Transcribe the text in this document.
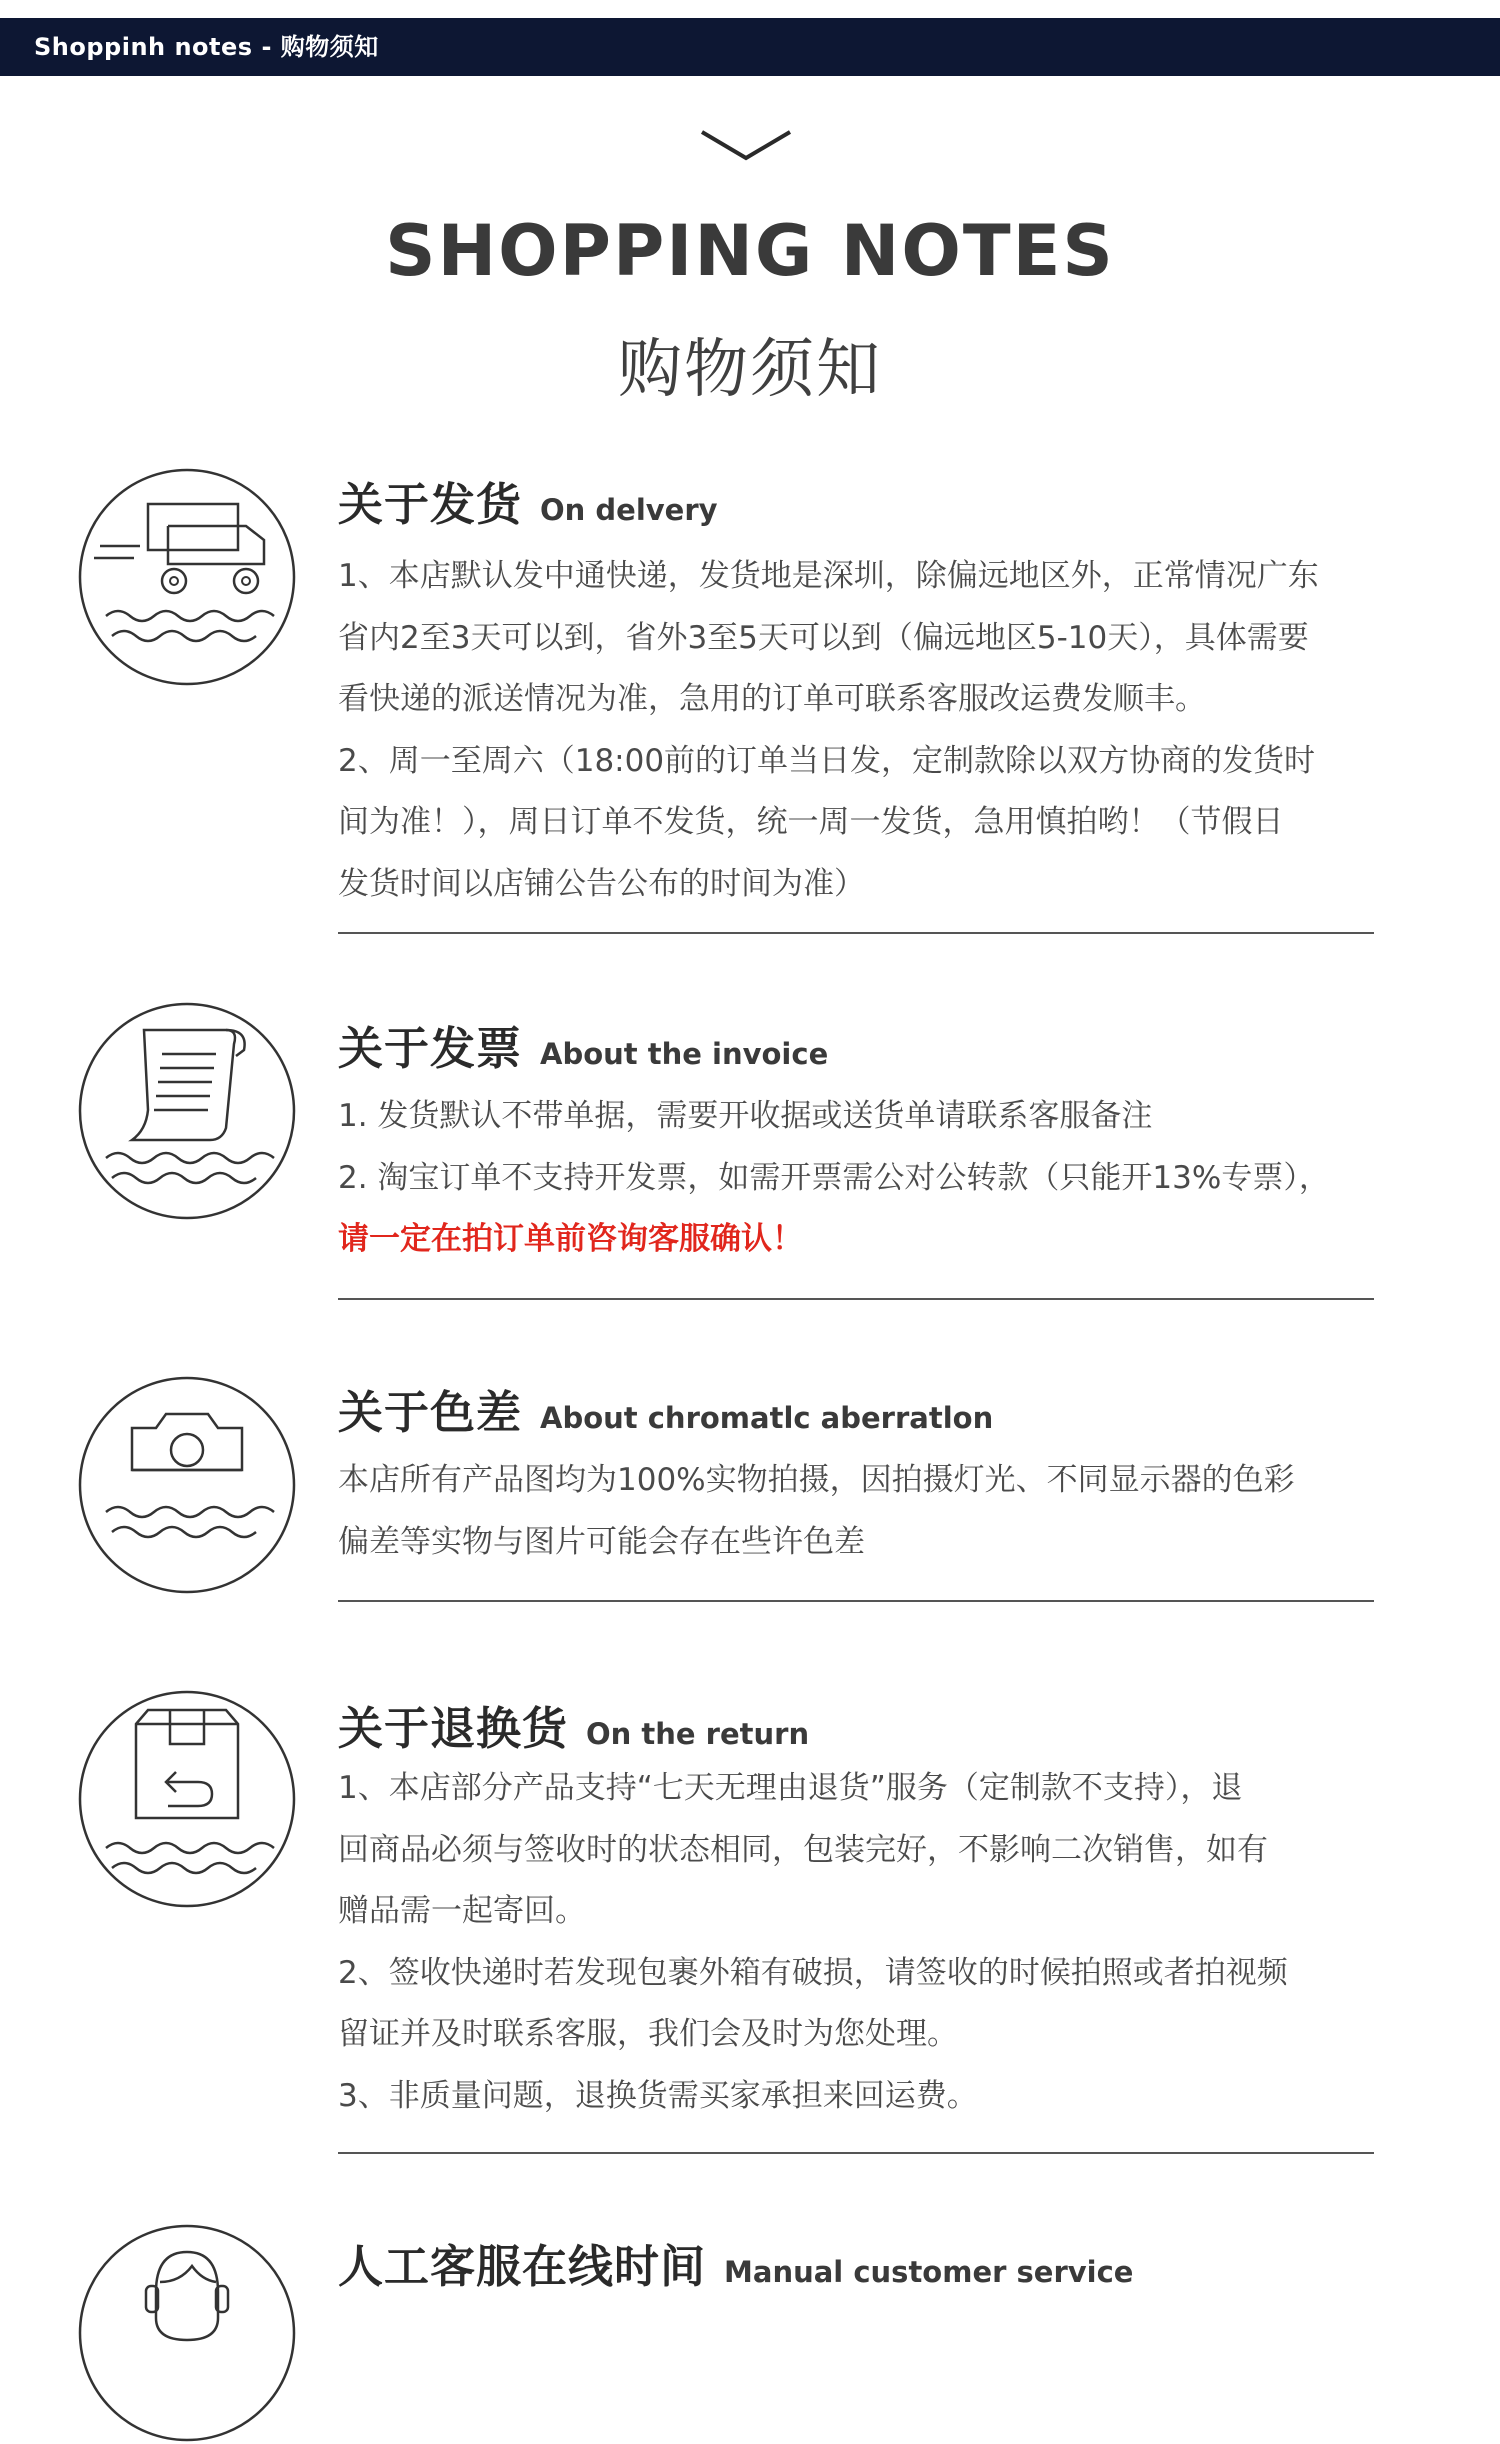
Shoppinh notes - 购物须知
SHOPPING NOTES
购物须知
关于发货 On delvery

1、本店默认发中通快递，发货地是深圳，除偏远地区外，正常情况广东

省内2至3天可以到，省外3至5天可以到（偏远地区5-10天），具体需要

看快递的派送情况为准，急用的订单可联系客服改运费发顺丰。

2、周一至周六（18:00前的订单当日发，定制款除以双方协商的发货时

间为准！），周日订单不发货，统一周一发货，急用慎拍哟！（节假日

发货时间以店铺公告公布的时间为准）

关于发票 About the invoice

1. 发货默认不带单据，需要开收据或送货单请联系客服备注

2. 淘宝订单不支持开发票，如需开票需公对公转款（只能开13%专票），

请一定在拍订单前咨询客服确认！

关于色差 About chromatlc aberratlon

本店所有产品图均为100%实物拍摄，因拍摄灯光、不同显示器的色彩

偏差等实物与图片可能会存在些许色差

关于退换货 On the return

1、本店部分产品支持“七天无理由退货”服务（定制款不支持），退

回商品必须与签收时的状态相同，包装完好，不影响二次销售，如有

赠品需一起寄回。

2、签收快递时若发现包裹外箱有破损，请签收的时候拍照或者拍视频

留证并及时联系客服，我们会及时为您处理。

3、非质量问题，退换货需买家承担来回运费。

人工客服在线时间 Manual customer service
